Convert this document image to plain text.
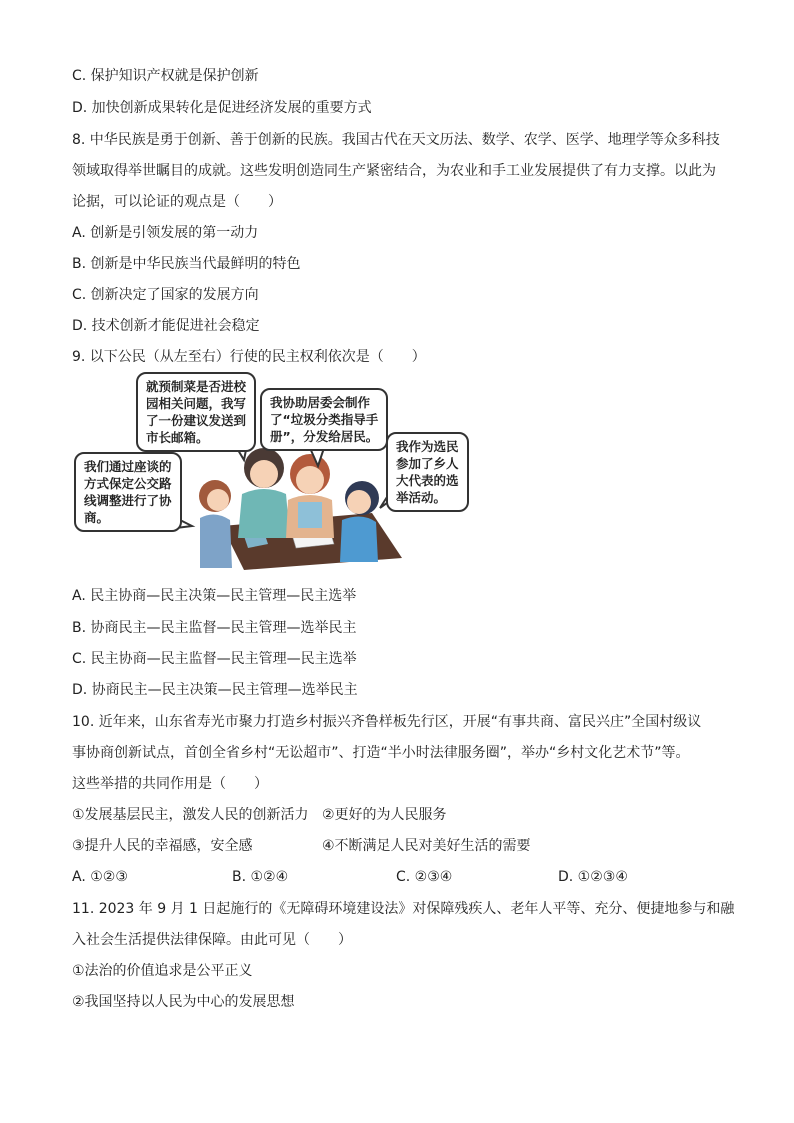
C. 保护知识产权就是保护创新
D. 加快创新成果转化是促进经济发展的重要方式
8. 中华民族是勇于创新、善于创新的民族。我国古代在天文历法、数学、农学、医学、地理学等众多科技
领域取得举世瞩目的成就。这些发明创造同生产紧密结合，为农业和手工业发展提供了有力支撑。以此为
论据，可以论证的观点是（　　）
A. 创新是引领发展的第一动力
B. 创新是中华民族当代最鲜明的特色
C. 创新决定了国家的发展方向
D. 技术创新才能促进社会稳定
9. 以下公民（从左至右）行使的民主权利依次是（　　）
我们通过座谈的
方式保定公交路
线调整进行了协
商。
就预制菜是否进校
园相关问题，我写
了一份建议发送到
市长邮箱。
我协助居委会制作
了“垃圾分类指导手
册”，分发给居民。
我作为选民
参加了乡人
大代表的选
举活动。
A. 民主协商—民主决策—民主管理—民主选举
B. 协商民主—民主监督—民主管理—选举民主
C. 民主协商—民主监督—民主管理—民主选举
D. 协商民主—民主决策—民主管理—选举民主
10. 近年来，山东省寿光市聚力打造乡村振兴齐鲁样板先行区，开展“有事共商、富民兴庄”全国村级议
事协商创新试点，首创全省乡村“无讼超市”、打造“半小时法律服务圈”，举办“乡村文化艺术节”等。
这些举措的共同作用是（　　）
①发展基层民主，激发人民的创新活力 ②更好的为人民服务
③提升人民的幸福感，安全感	④不断满足人民对美好生活的需要
A. ①②③	B. ①②④	C. ②③④	D. ①②③④
11. 2023 年 9 月 1 日起施行的《无障碍环境建设法》对保障残疾人、老年人平等、充分、便捷地参与和融
入社会生活提供法律保障。由此可见（　　）
①法治的价值追求是公平正义
②我国坚持以人民为中心的发展思想
